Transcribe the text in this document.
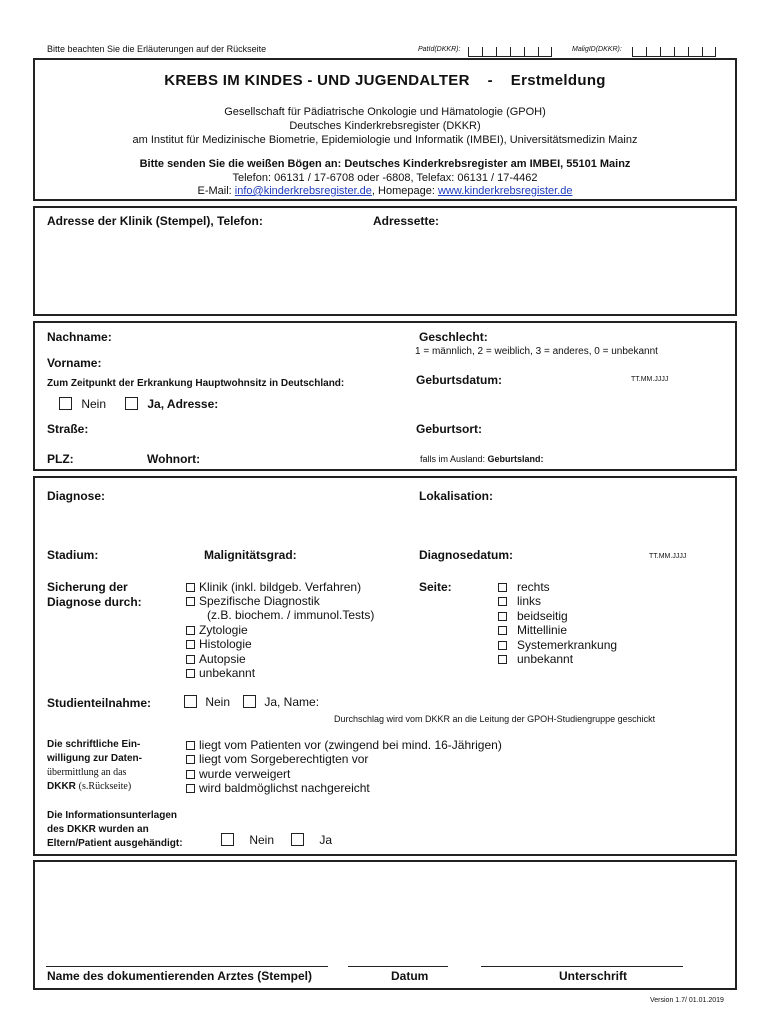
Bitte beachten Sie die Erläuterungen auf der Rückseite	PatId(DKKR):	MaligID(DKKR):
KREBS IM KINDES - UND JUGENDALTER - Erstmeldung
Gesellschaft für Pädiatrische Onkologie und Hämatologie (GPOH)
Deutsches Kinderkrebsregister (DKKR)
am Institut für Medizinische Biometrie, Epidemiologie und Informatik (IMBEI), Universitätsmedizin Mainz
Bitte senden Sie die weißen Bögen an: Deutsches Kinderkrebsregister am IMBEI, 55101 Mainz
Telefon: 06131 / 17-6708 oder -6808, Telefax: 06131 / 17-4462
E-Mail: info@kinderkrebsregister.de, Homepage: www.kinderkrebsregister.de
Adresse der Klinik (Stempel), Telefon:	Adressette:
Nachname:
Vorname:
Zum Zeitpunkt der Erkrankung Hauptwohnsitz in Deutschland:
Nein	Ja, Adresse:
Straße:
PLZ:	Wohnort:
Geschlecht:
1 = männlich, 2 = weiblich, 3 = anderes, 0 = unbekannt
Geburtsdatum:	TT.MM.JJJJ
Geburtsort:
falls im Ausland: Geburtsland:
Diagnose:	Lokalisation:
Stadium:	Malignitätsgrad:	Diagnosedatum:	TT.MM.JJJJ
Sicherung der
Diagnose durch:
Klinik (inkl. bildgeb. Verfahren)
Spezifische Diagnostik
(z.B. biochem. / immunol.Tests)
Zytologie
Histologie
Autopsie
unbekannt
Seite:	rechts
links
beidseitig
Mittellinie
Systemerkrankung
unbekannt
Studienteilnahme:	Nein	Ja, Name:
Durchschlag wird vom DKKR an die Leitung der GPOH-Studiengruppe geschickt
Die schriftliche Ein-
willigung zur Daten-
übermittlung an das
DKKR (s.Rückseite)
liegt vom Patienten vor (zwingend bei mind. 16-Jährigen)
liegt vom Sorgeberechtigten vor
wurde verweigert
wird baldmöglichst nachgereicht
Die Informationsunterlagen
des DKKR wurden an
Eltern/Patient ausgehändigt:	Nein	Ja
Name des dokumentierenden Arztes (Stempel)	Datum	Unterschrift
Version 1.7/ 01.01.2019
